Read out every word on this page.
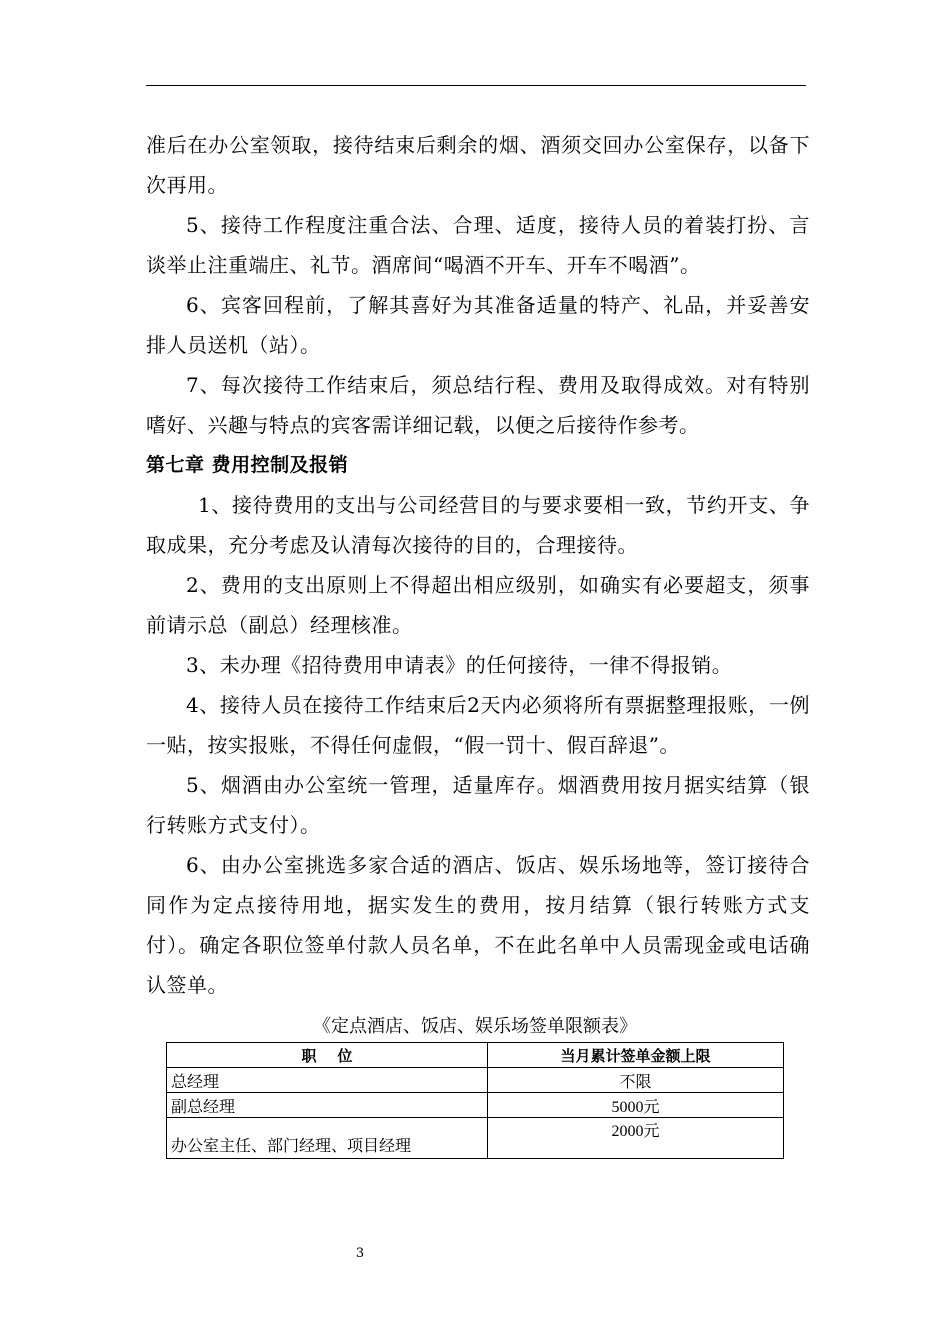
准后在办公室领取，接待结束后剩余的烟、酒须交回办公室保存，以备下次再用。

5、接待工作程度注重合法、合理、适度，接待人员的着装打扮、言谈举止注重端庄、礼节。酒席间“喝酒不开车、开车不喝酒”。

6、宾客回程前，了解其喜好为其准备适量的特产、礼品，并妥善安排人员送机（站）。

7、每次接待工作结束后，须总结行程、费用及取得成效。对有特别嗜好、兴趣与特点的宾客需详细记载，以便之后接待作参考。

第七章 费用控制及报销

1、接待费用的支出与公司经营目的与要求要相一致，节约开支、争取成果，充分考虑及认清每次接待的目的，合理接待。

2、费用的支出原则上不得超出相应级别，如确实有必要超支，须事前请示总（副总）经理核准。

3、未办理《招待费用申请表》的任何接待，一律不得报销。

4、接待人员在接待工作结束后2天内必须将所有票据整理报账，一例一贴，按实报账，不得任何虚假，“假一罚十、假百辞退”。

5、烟酒由办公室统一管理，适量库存。烟酒费用按月据实结算（银行转账方式支付）。

6、由办公室挑选多家合适的酒店、饭店、娱乐场地等，签订接待合同作为定点接待用地，据实发生的费用，按月结算（银行转账方式支付）。确定各职位签单付款人员名单，不在此名单中人员需现金或电话确认签单。

《定点酒店、饭店、娱乐场签单限额表》
职    位	当月累计签单金额上限
总经理	不限
副总经理	5000元
办公室主任、部门经理、项目经理	2000元
3
